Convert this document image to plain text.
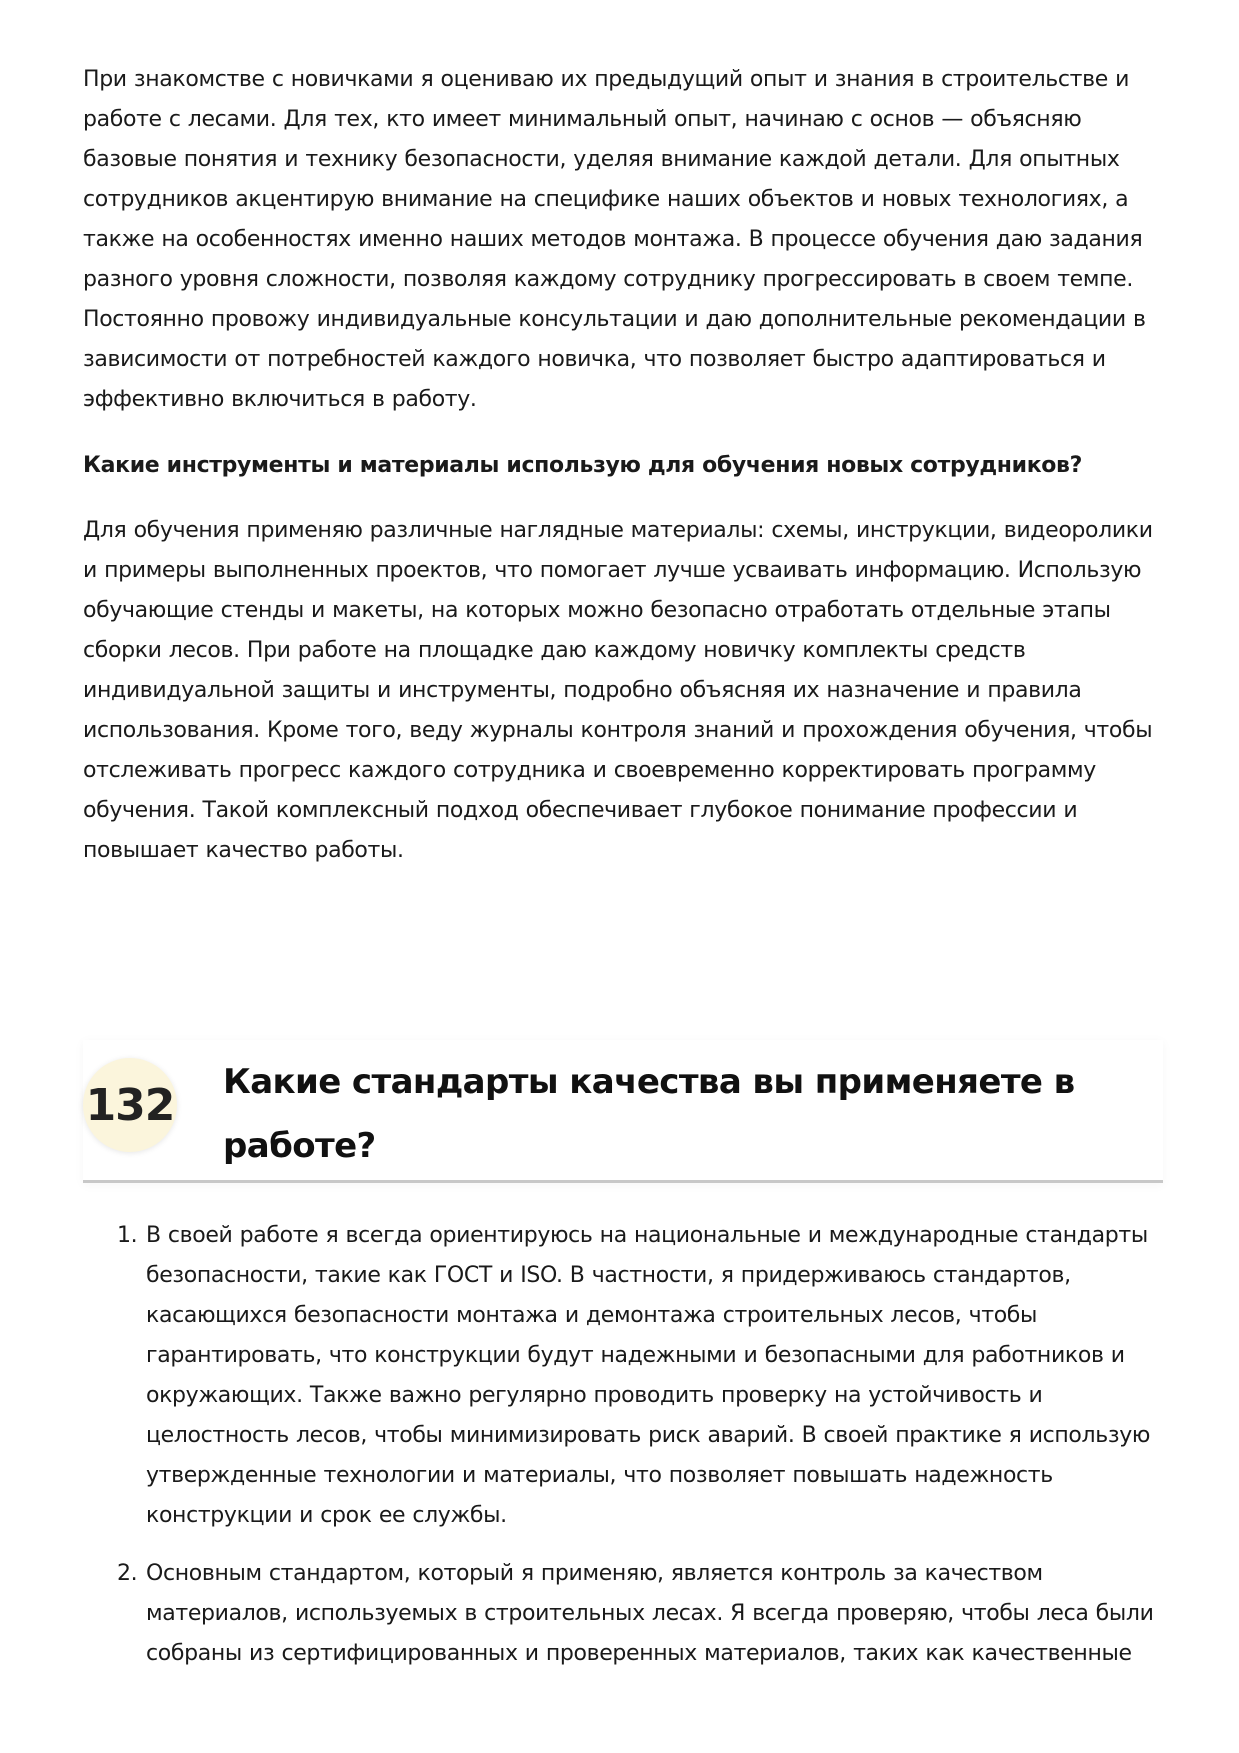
При знакомстве с новичками я оцениваю их предыдущий опыт и знания в строительстве и работе с лесами. Для тех, кто имеет минимальный опыт, начинаю с основ — объясняю базовые понятия и технику безопасности, уделяя внимание каждой детали. Для опытных сотрудников акцентирую внимание на специфике наших объектов и новых технологиях, а также на особенностях именно наших методов монтажа. В процессе обучения даю задания разного уровня сложности, позволяя каждому сотруднику прогрессировать в своем темпе. Постоянно провожу индивидуальные консультации и даю дополнительные рекомендации в зависимости от потребностей каждого новичка, что позволяет быстро адаптироваться и эффективно включиться в работу.

Какие инструменты и материалы использую для обучения новых сотрудников?

Для обучения применяю различные наглядные материалы: схемы, инструкции, видеоролики и примеры выполненных проектов, что помогает лучше усваивать информацию. Использую обучающие стенды и макеты, на которых можно безопасно отработать отдельные этапы сборки лесов. При работе на площадке даю каждому новичку комплекты средств индивидуальной защиты и инструменты, подробно объясняя их назначение и правила использования. Кроме того, веду журналы контроля знаний и прохождения обучения, чтобы отслеживать прогресс каждого сотрудника и своевременно корректировать программу обучения. Такой комплексный подход обеспечивает глубокое понимание профессии и повышает качество работы.

132 Какие стандарты качества вы применяете в работе?
1. В своей работе я всегда ориентируюсь на национальные и международные стандарты безопасности, такие как ГОСТ и ISO. В частности, я придерживаюсь стандартов, касающихся безопасности монтажа и демонтажа строительных лесов, чтобы гарантировать, что конструкции будут надежными и безопасными для работников и окружающих. Также важно регулярно проводить проверку на устойчивость и целостность лесов, чтобы минимизировать риск аварий. В своей практике я использую утвержденные технологии и материалы, что позволяет повышать надежность конструкции и срок ее службы.
2. Основным стандартом, который я применяю, является контроль за качеством материалов, используемых в строительных лесах. Я всегда проверяю, чтобы леса были собраны из сертифицированных и проверенных материалов, таких как качественные
